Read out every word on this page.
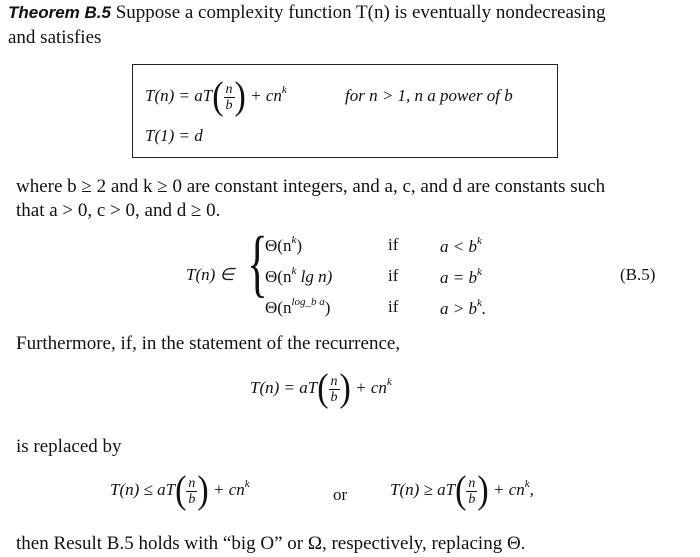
Theorem B.5 Suppose a complexity function T(n) is eventually nondecreasing
and satisfies
$T(n) = aT( \frac{n}{b}$ ) + $cn^k$	for n > 1, n a power of b
T(1) = d
where b ≥ 2 and k ≥ 0 are constant integers, and a, c, and d are constants such
that a > 0, c > 0, and d ≥ 0.
T(n) ∈ {
$\Theta(n^k)$
$\Theta(n^k$ lg n)
$\Theta(n^{log\_b a})$
if
if
if
$a < b^k$
$a = b^k$
$a > b^k$.
(B.5)
Furthermore, if, in the statement of the recurrence,
$T(n) = aT( \frac{n}{b}$ ) + $cn^k$
is replaced by
$T(n) \le aT( \frac{n}{b}$ ) + $cn^k$
or	$T(n) \ge aT( \frac{n}{b}$ ) + $cn^k$,
then Result B.5 holds with “big O” or Ω, respectively, replacing Θ.
